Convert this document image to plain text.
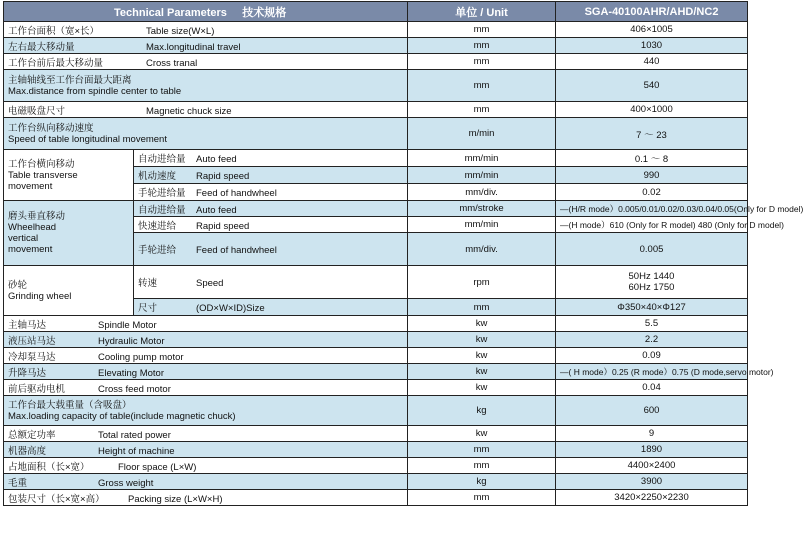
Technical Parameters 技术规格		单位 / Unit	SGA-40100AHR/AHD/NC2
工作台面积（宽×长） Table size(W×L)		mm	406×1005
左右最大移动量 Max.longitudinal travel		mm	1030
工作台前后最大移动量 Cross tranal		mm	440

主轴轴线至工作台面最大距离
Max.distance from spindle center to table		mm	540
电磁吸盘尺寸 Magnetic chuck size		mm	400×1000

工作台纵向移动速度
Speed of table longitudinal movement		m/min	7 ～ 23

工作台横向移动
Table transverse
movement	自动进给量 Auto feed	mm/min	0.1 ～ 8
	机动速度 Rapid speed	mm/min	990
	手轮进给量 Feed of handwheel	mm/div.	0.02

磨头垂直移动
Wheelhead
vertical
movement	自动进给量 Auto feed	mm/stroke	—(H/R mode）0.005/0.01/0.02/0.03/0.04/0.05(Only for D model)
	快速进给 Rapid speed	mm/min	—(H mode）610 (Only for R model) 480 (Only for D model)
	手轮进给 Feed of handwheel	mm/div.	0.005

砂轮
Grinding wheel	转速 Speed	rpm	50Hz 1440
60Hz 1750

	尺寸 (OD×W×ID)Size	mm	Φ350×40×Φ127
主轴马达 Spindle Motor		kw	5.5
液压站马达 Hydraulic Motor		kw	2.2
冷却泵马达 Cooling pump motor		kw	0.09
升降马达 Elevating Motor		kw	—( H mode）0.25 (R mode）0.75 (D mode,servo motor)
前后驱动电机 Cross feed motor		kw	0.04

工作台最大载重量（含吸盘）
Max.loading capacity of table(include magnetic chuck)		kg	600
总额定功率 Total rated power		kw	9
机器高度 Height of machine		mm	1890
占地面积（长×宽） Floor space (L×W)		mm	4400×2400
毛重 Gross weight		kg	3900
包装尺寸（长×宽×高） Packing size (L×W×H)		mm	3420×2250×2230
